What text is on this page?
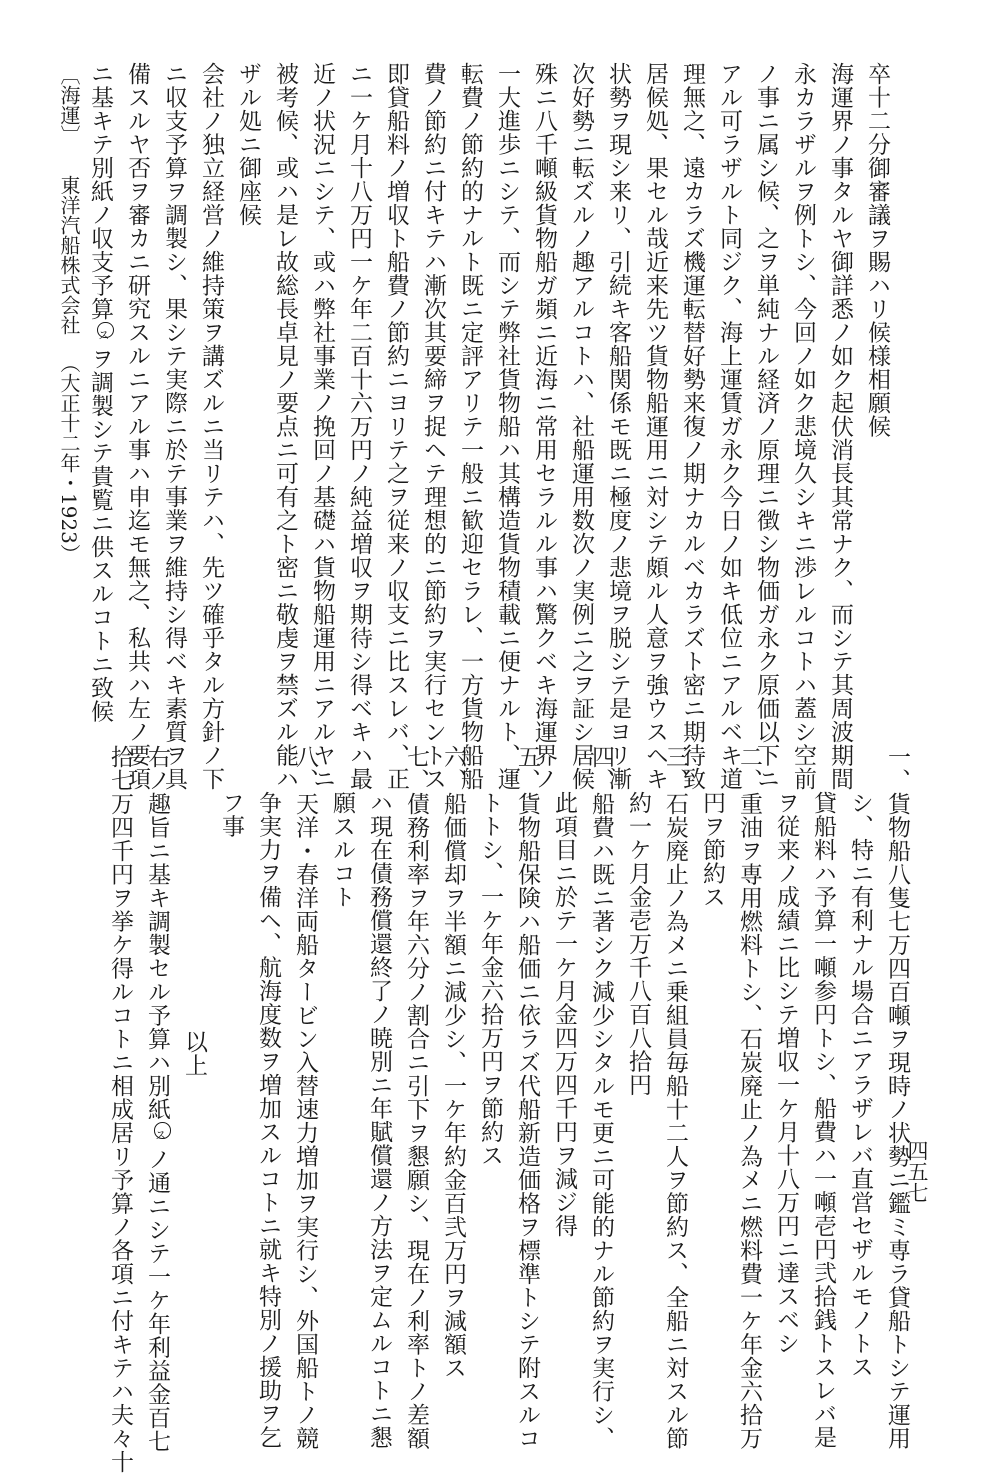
卒十二分御審議ヲ賜ハリ候様相願候
海運界ノ事タルヤ御詳悉ノ如ク起伏消長其常ナク、而シテ其周波期間
永カラザルヲ例トシ、今回ノ如ク悲境久シキニ渉レルコトハ蓋シ空前
ノ事ニ属シ候、之ヲ単純ナル経済ノ原理ニ徴シ物価ガ永ク原価以下ニ
アル可ラザルト同ジク、海上運賃ガ永ク今日ノ如キ低位ニアルベキ道
理無之、遠カラズ機運転替好勢来復ノ期ナカルベカラズト密ニ期待致
居候処、果セル哉近来先ツ貨物船運用ニ対シテ頗ル人意ヲ強ウスヘキ
状勢ヲ現シ来リ、引続キ客船関係モ既ニ極度ノ悲境ヲ脱シテ是ヨリ漸
次好勢ニ転ズルノ趣アルコトハ、社船運用数次ノ実例ニ之ヲ証シ居候
殊ニ八千噸級貨物船ガ頻ニ近海ニ常用セラルル事ハ驚クベキ海運界ノ
一大進歩ニシテ、而シテ弊社貨物船ハ其構造貨物積載ニ便ナルト、運
転費ノ節約的ナルト既ニ定評アリテ一般ニ歓迎セラレ、一方貨物船船
費ノ節約ニ付キテハ漸次其要締ヲ捉ヘテ理想的ニ節約ヲ実行セントス
即貸船料ノ増収ト船費ノ節約ニヨリテ之ヲ従来ノ収支ニ比スレバ、正
ニ一ケ月十八万円一ケ年二百十六万円ノ純益増収ヲ期待シ得ベキハ最
近ノ状況ニシテ、或ハ弊社事業ノ挽回ノ基礎ハ貨物船運用ニアルヤニ
被考候、或ハ是レ故総長卓見ノ要点ニ可有之ト密ニ敬虔ヲ禁ズル能ハ
ザル処ニ御座候
会社ノ独立経営ノ維持策ヲ講ズルニ当リテハ、先ツ確乎タル方針ノ下
ニ収支予算ヲ調製シ、果シテ実際ニ於テ事業ヲ維持シ得ベキ素質ヲ具
備スルヤ否ヲ審カニ研究スルニアル事ハ申迄モ無之、私共ハ左ノ要項
ニ基キテ別紙ノ収支予算スヲ調製シテ貴覧ニ供スルコトニ致候
一、貨物船八隻七万四百噸ヲ現時ノ状勢ニ鑑ミ専ラ貸船トシテ運用
シ、特ニ有利ナル場合ニアラザレバ直営セザルモノトス
貸船料ハ予算一噸参円トシ、船費ハ一噸壱円弐拾銭トスレバ是
ヲ従来ノ成績ニ比シテ増収一ケ月十八万円ニ達スベシ
二、重油ヲ専用燃料トシ、石炭廃止ノ為メニ燃料費一ケ年金六拾万
円ヲ節約ス
三、石炭廃止ノ為メニ乗組員毎船十二人ヲ節約ス、全船ニ対スル節
約一ケ月金壱万千八百八拾円
四、船費ハ既ニ著シク減少シタルモ更ニ可能的ナル節約ヲ実行シ、
此項目ニ於テ一ケ月金四万四千円ヲ減ジ得
五、貨物船保険ハ船価ニ依ラズ代船新造価格ヲ標準トシテ附スルコ
トトシ、一ケ年金六拾万円ヲ節約ス
六、船価償却ヲ半額ニ減少シ、一ケ年約金百弐万円ヲ減額ス
七、債務利率ヲ年六分ノ割合ニ引下ヲ懇願シ、現在ノ利率トノ差額
ハ現在債務償還終了ノ暁別ニ年賦償還ノ方法ヲ定ムルコトニ懇
願スルコト
八、天洋・春洋両船タービン入替速力増加ヲ実行シ、外国船トノ競
争実力ヲ備ヘ、航海度数ヲ増加スルコトニ就キ特別ノ援助ヲ乞
フ事
以上
右ノ趣旨ニ基キ調製セル予算ハ別紙スノ通ニシテ一ケ年利益金百七
拾七万四千円ヲ挙ケ得ルコトニ相成居リ予算ノ各項ニ付キテハ夫々十
〔海運〕東洋汽船株式会社（大正十二年・1923）
四五七
